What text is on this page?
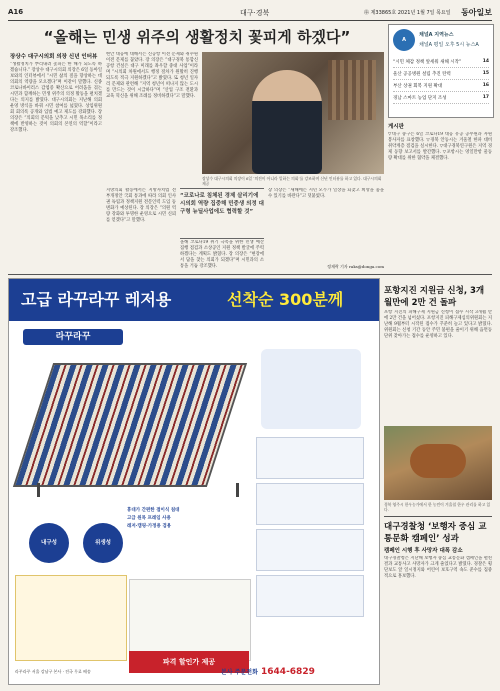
A16	대구·경북	㉾ 제33865호 2021년 1월 7일 목요일 동아일보
“올해는 민생 위주의 생활정치 꽃피게 하겠다”	A
채널A 지역뉴스
채널A 평일 오후 5시 뉴스A
“시민 체감 정책 앞세워 새해 시작”	14
울산 공공병원 설립 추진 탄력	15
부산 상권 회복 지원 확대	16
경남 스마트 농업 단지 조성	17
장상수 대구시의회 의장 신년 인터뷰
“생활정치가 뿌리내려 꽃피는 한 해가 되도록 하겠습니다.” 장상수 대구시의회 의장은 6일 동아일보와의 인터뷰에서 “시민 삶의 질을 향상하는 데 의회의 역량을 모으겠다”며 이같이 말했다. 신종 코로나바이러스 감염증 확산으로 어려움을 겪는 시민과 함께하는 민생 위주의 의정 활동을 펼치겠다는 의지를 밝혔다. 대구시의회는 지난해 의회 운영 방식을 바꿔 시민 참여를 넓혔다. 상임위원회 회의록 공개와 입법 예고 제도를 강화했다. 장 의장은 “의회의 문턱을 낮추고 시민 목소리를 정책에 반영하는 것이 의회의 본연의 역할”이라고 강조했다.
현안 대응에 대해서는 신공항 이전 문제와 취수원 이전 문제를 꼽았다. 장 의장은 “대구경북 통합신공항 건설은 대구 미래를 좌우할 중대 사업”이라며 “시의회 차원에서도 행정 절차가 원활히 진행되도록 적극 지원하겠다”고 밝혔다. 또 청년 일자리 문제와 관련해 “지역 청년이 떠나지 않는 도시를 만드는 것이 시급하다”며 “산업 구조 전환과 교육 혁신을 위해 조례를 정비하겠다”고 말했다.
장상수 대구시의회 의장이 6일 ‘의전이 아니라 일하는 의회’를 강조하며 신년 인터뷰를 하고 있다. 대구시의회 제공
지방의회 활동에서는 지방자치법 전부개정안 국회 통과에 따라 의회 인사권 독립과 정책지원 전문인력 도입 등 변화가 예상된다. 장 의장은 “의원 역량 강화와 투명한 운영으로 시민 신뢰를 얻겠다”고 말했다.
“코로나로 침체된 경제 살리기에 시의회 역량 집중해 민중생 의정 대구형 뉴딜사업에도 협력할 것”
올해 코로나19 위기 극복을 위한 민생 예산 집행 점검과 소상공인 지원 정책 발굴에 주력하겠다는 계획도 밝혔다. 장 의장은 “현장에서 답을 찾는 의회가 되겠다”며 시민과의 소통을 거듭 강조했다.
장 의장은 “새해에는 시민 모두가 일상을 되찾고 희망을 품을 수 있기를 바란다”고 덧붙였다.
정재락 기자 raks@donga.com
게시판
▽대구 중구는 6일 코로나19 대응 유공 공무원과 자원봉사자를 표창했다. ▽경북 안동시는 겨울철 한파 대비 취약계층 점검을 실시한다. ▽대구경북연구원은 지역 경제 동향 보고서를 발간했다. ▽포항시는 영일만항 물동량 확대를 위한 협약을 체결했다.
고급 라꾸라꾸 레저용	선착순 300분께
라꾸라꾸
내구성	위생성

휴대가 간편한 접이식 침대

고급 원목 프레임 사용

레저·캠핑·가정용 겸용

파격 할인가 제공
라꾸라꾸 서울 강남구 본사 · 전국 무료 배송	본사 주문전화 1644-6829
포항지진 지원금 신청, 3개월만에 2만 건 돌파
포항 지진의 피해구제 지원금 신청이 접수 시작 3개월 만에 2만 건을 넘어섰다. 포항지진 피해구제심의위원회는 지난해 9월부터 시작된 접수가 꾸준히 늘고 있다고 밝혔다. 위원회는 신청 기간 동안 주민 불편을 줄이기 위해 읍면동 단위 찾아가는 접수를 운영하고 있다.
경북 영주시 한우농가에서 한 농민이 겨울철 한우 관리를 하고 있다.
대구경찰청 ‘보행자 중심 교통문화 캠페인’ 성과
캠페인 시행 후 사망자 대폭 감소
대구경찰청은 지난해 보행자 중심 교통문화 캠페인을 펼친 결과 교통사고 사망자가 크게 줄었다고 밝혔다. 경찰은 횡단보도 앞 일시정지와 어린이 보호구역 속도 준수를 집중적으로 홍보했다.
